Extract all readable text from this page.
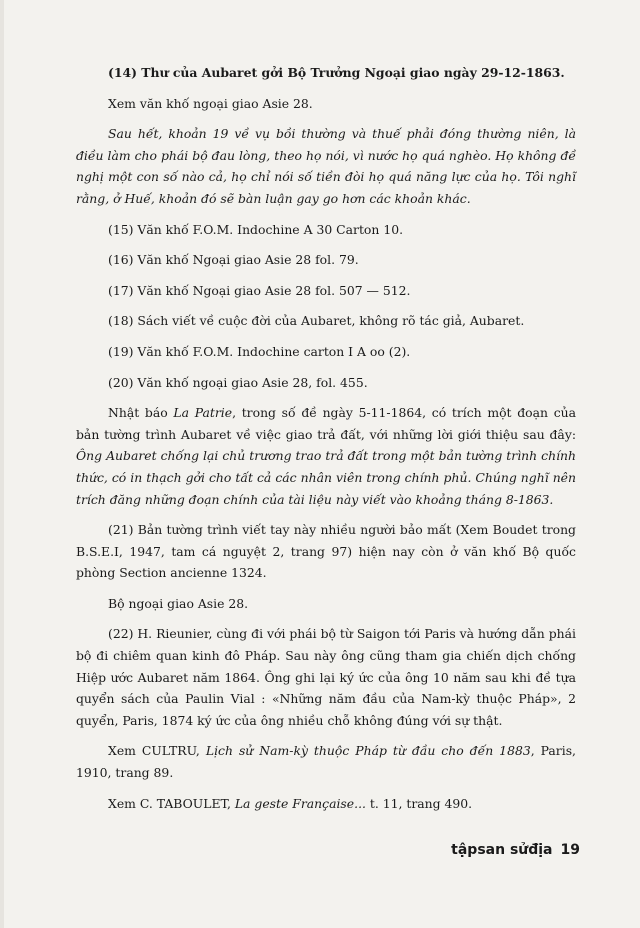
(14) Thư của Aubaret gởi Bộ Trưởng Ngoại giao ngày 29-12-1863.

Xem văn khố ngoại giao Asie 28.

Sau hết, khoản 19 về vụ bồi thường và thuế phải đóng thường niên, là điều làm cho phái bộ đau lòng, theo họ nói, vì nước họ quá nghèo. Họ không đề nghị một con số nào cả, họ chỉ nói số tiền đòi họ quá năng lực của họ. Tôi nghĩ rằng, ở Huế, khoản đó sẽ bàn luận gay go hơn các khoản khác.

(15) Văn khố F.O.M. Indochine A 30 Carton 10.

(16) Văn khố Ngoại giao Asie 28 fol. 79.

(17) Văn khố Ngoại giao Asie 28 fol. 507 — 512.

(18) Sách viết về cuộc đời của Aubaret, không rõ tác giả, Aubaret.

(19) Văn khố F.O.M. Indochine carton I A oo (2).

(20) Văn khố ngoại giao Asie 28, fol. 455.

Nhật báo La Patrie, trong số đề ngày 5-11-1864, có trích một đoạn của bản tường trình Aubaret về việc giao trả đất, với những lời giới thiệu sau đây: Ông Aubaret chống lại chủ trương trao trả đất trong một bản tường trình chính thức, có in thạch gởi cho tất cả các nhân viên trong chính phủ. Chúng nghĩ nên trích đăng những đoạn chính của tài liệu này viết vào khoảng tháng 8-1863.

(21) Bản tường trình viết tay này nhiều người bảo mất (Xem Boudet trong B.S.E.I, 1947, tam cá nguyệt 2, trang 97) hiện nay còn ở văn khố Bộ quốc phòng Section ancienne 1324.

Bộ ngoại giao Asie 28.

(22) H. Rieunier, cùng đi với phái bộ từ Saigon tới Paris và hướng dẫn phái bộ đi chiêm quan kinh đô Pháp. Sau này ông cũng tham gia chiến dịch chống Hiệp ước Aubaret năm 1864. Ông ghi lại ký ức của ông 10 năm sau khi đề tựa quyển sách của Paulin Vial : «Những năm đầu của Nam-kỳ thuộc Pháp», 2 quyển, Paris, 1874 ký ức của ông nhiều chỗ không đúng với sự thật.

Xem CULTRU, Lịch sử Nam-kỳ thuộc Pháp từ đầu cho đến 1883, Paris, 1910, trang 89.

Xem C. TABOULET, La geste Française... t. 11, trang 490.

tậpsan sửđịa 19
